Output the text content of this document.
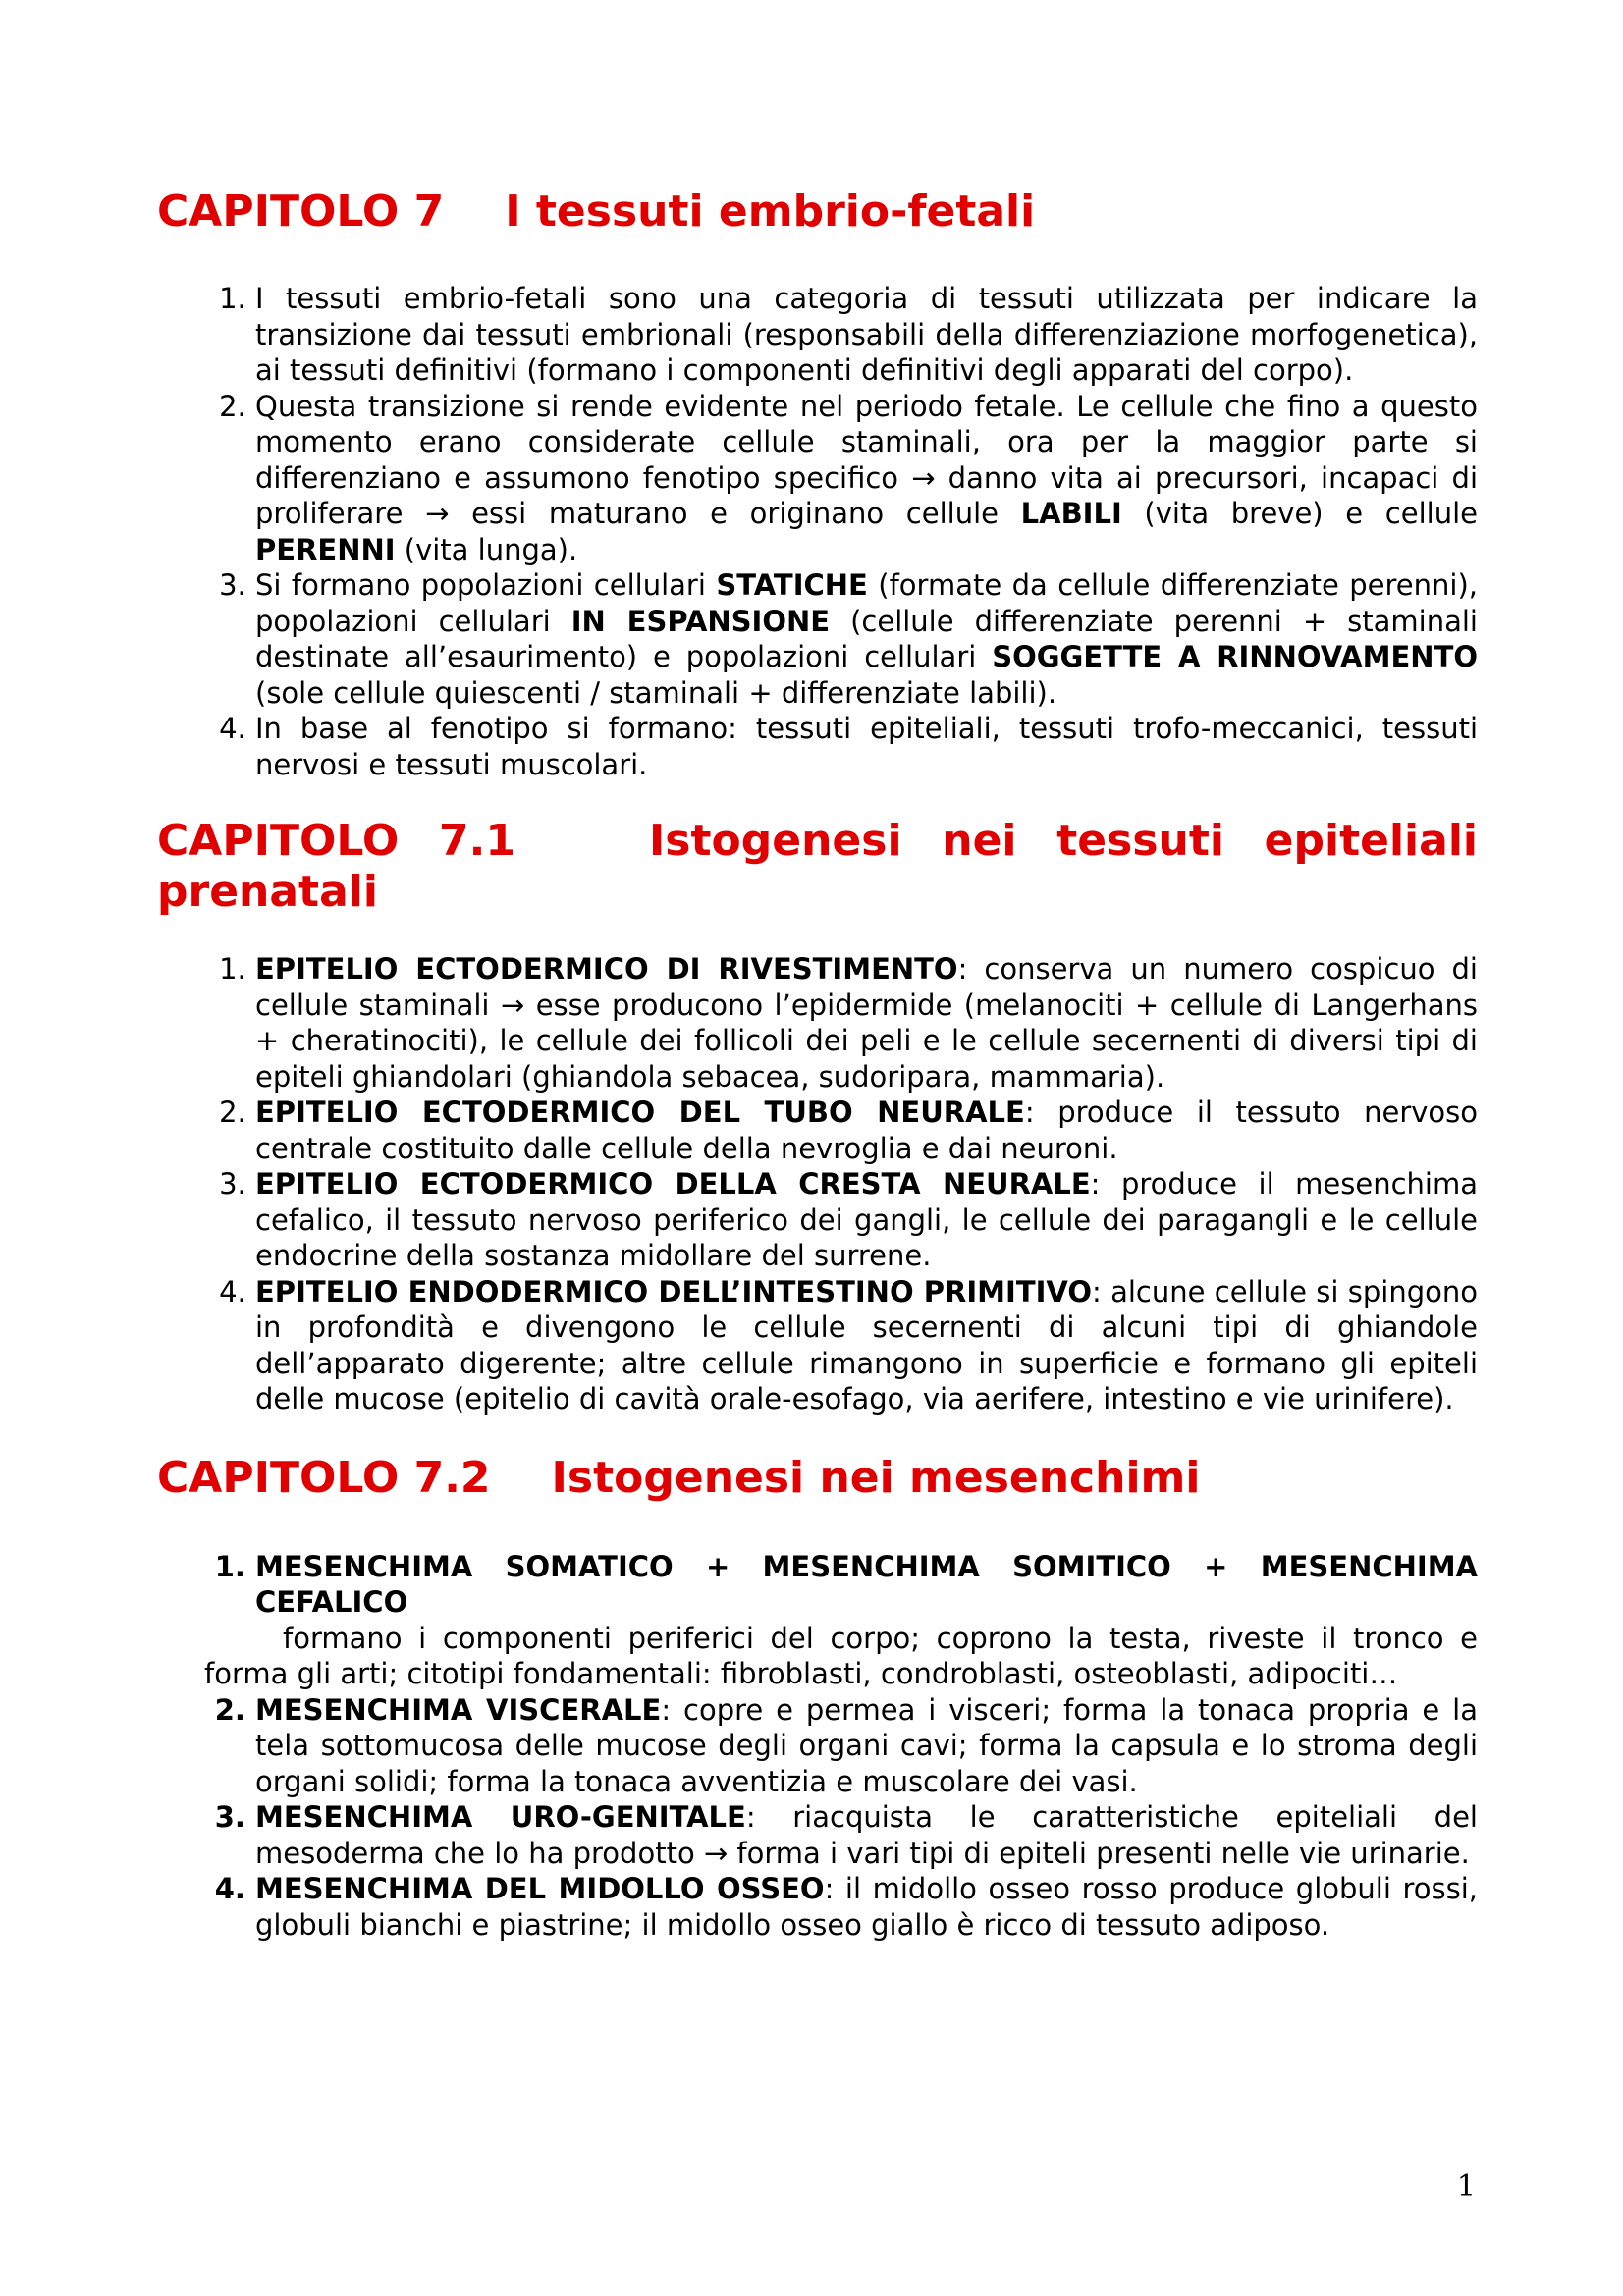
CAPITOLO 7 I tessuti embrio-fetali
1. I tessuti embrio-fetali sono una categoria di tessuti utilizzata per indicare la transizione dai tessuti embrionali (responsabili della differenziazione morfogenetica), ai tessuti definitivi (formano i componenti definitivi degli apparati del corpo).
2. Questa transizione si rende evidente nel periodo fetale. Le cellule che fino a questo momento erano considerate cellule staminali, ora per la maggior parte si differenziano e assumono fenotipo specifico → danno vita ai precursori, incapaci di proliferare → essi maturano e originano cellule LABILI (vita breve) e cellule PERENNI (vita lunga).
3. Si formano popolazioni cellulari STATICHE (formate da cellule differenziate perenni), popolazioni cellulari IN ESPANSIONE (cellule differenziate perenni + staminali destinate all’esaurimento) e popolazioni cellulari SOGGETTE A RINNOVAMENTO (sole cellule quiescenti / staminali + differenziate labili).
4. In base al fenotipo si formano: tessuti epiteliali, tessuti trofo-meccanici, tessuti nervosi e tessuti muscolari.
CAPITOLO 7.1	Istogenesi nei tessuti epiteliali prenatali
1. EPITELIO ECTODERMICO DI RIVESTIMENTO: conserva un numero cospicuo di cellule staminali → esse producono l’epidermide (melanociti + cellule di Langerhans + cheratinociti), le cellule dei follicoli dei peli e le cellule secernenti di diversi tipi di epiteli ghiandolari (ghiandola sebacea, sudoripara, mammaria).
2. EPITELIO ECTODERMICO DEL TUBO NEURALE: produce il tessuto nervoso centrale costituito dalle cellule della nevroglia e dai neuroni.
3. EPITELIO ECTODERMICO DELLA CRESTA NEURALE: produce il mesenchima cefalico, il tessuto nervoso periferico dei gangli, le cellule dei paragangli e le cellule endocrine della sostanza midollare del surrene.
4. EPITELIO ENDODERMICO DELL’INTESTINO PRIMITIVO: alcune cellule si spingono in profondità e divengono le cellule secernenti di alcuni tipi di ghiandole dell’apparato digerente; altre cellule rimangono in superficie e formano gli epiteli delle mucose (epitelio di cavità orale-esofago, via aerifere, intestino e vie urinifere).
CAPITOLO 7.2 Istogenesi nei mesenchimi
1. MESENCHIMA SOMATICO + MESENCHIMA SOMITICO + MESENCHIMA CEFALICO
formano i componenti periferici del corpo; coprono la testa, riveste il tronco e forma gli arti; citotipi fondamentali: fibroblasti, condroblasti, osteoblasti, adipociti…
2. MESENCHIMA VISCERALE: copre e permea i visceri; forma la tonaca propria e la tela sottomucosa delle mucose degli organi cavi; forma la capsula e lo stroma degli organi solidi; forma la tonaca avventizia e muscolare dei vasi.
3. MESENCHIMA URO-GENITALE: riacquista le caratteristiche epiteliali del mesoderma che lo ha prodotto → forma i vari tipi di epiteli presenti nelle vie urinarie.
4. MESENCHIMA DEL MIDOLLO OSSEO: il midollo osseo rosso produce globuli rossi, globuli bianchi e piastrine; il midollo osseo giallo è ricco di tessuto adiposo.
1
